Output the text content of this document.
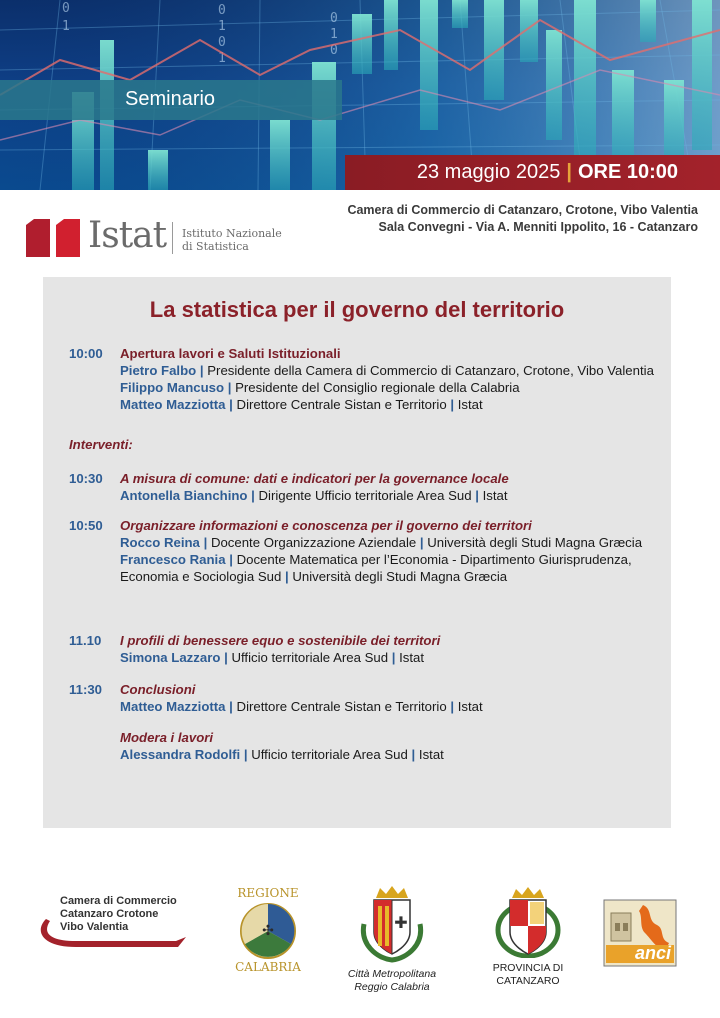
0
1
0
1
0
1
0
1
0
Seminario
23 maggio 2025 | ORE 10:00
Istat Istituto Nazionale
di Statistica
Camera di Commercio di Catanzaro, Crotone, Vibo Valentia
Sala Convegni - Via A. Menniti Ippolito, 16 - Catanzaro
La statistica per il governo del territorio
10:00	Apertura lavori e Saluti Istituzionali
Pietro Falbo | Presidente della Camera di Commercio di Catanzaro, Crotone, Vibo Valentia
Filippo Mancuso | Presidente del Consiglio regionale della Calabria
Matteo Mazziotta | Direttore Centrale Sistan e Territorio | Istat
Interventi:
10:30	A misura di comune: dati e indicatori per la governance locale
Antonella Bianchino | Dirigente Ufficio territoriale Area Sud | Istat
10:50	Organizzare informazioni e conoscenza per il governo dei territori
Rocco Reina | Docente Organizzazione Aziendale | Università degli Studi Magna Græcia
Francesco Rania | Docente Matematica per l’Economia - Dipartimento Giurisprudenza, Economia e Sociologia Sud | Università degli Studi Magna Græcia
11.10	I profili di benessere equo e sostenibile dei territori
Simona Lazzaro | Ufficio territoriale Area Sud | Istat
11:30	Conclusioni
Matteo Mazziotta | Direttore Centrale Sistan e Territorio | Istat
Modera i lavori
Alessandra Rodolfi | Ufficio territoriale Area Sud | Istat
Camera di Commercio
Catanzaro Crotone
Vibo Valentia
REGIONE
✣
CALABRIA
✚
Città Metropolitana
Reggio Calabria
PROVINCIA DI
CATANZARO
anci
